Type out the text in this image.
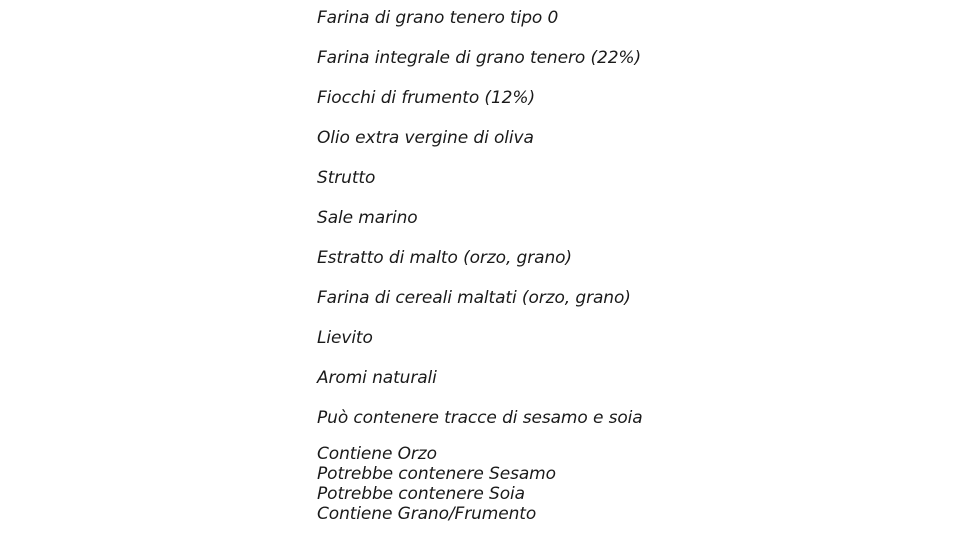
Farina di grano tenero tipo 0
Farina integrale di grano tenero (22%)
Fiocchi di frumento (12%)
Olio extra vergine di oliva
Strutto
Sale marino
Estratto di malto (orzo, grano)
Farina di cereali maltati (orzo, grano)
Lievito
Aromi naturali
Può contenere tracce di sesamo e soia
Contiene Orzo
Potrebbe contenere Sesamo
Potrebbe contenere Soia
Contiene Grano/Frumento
